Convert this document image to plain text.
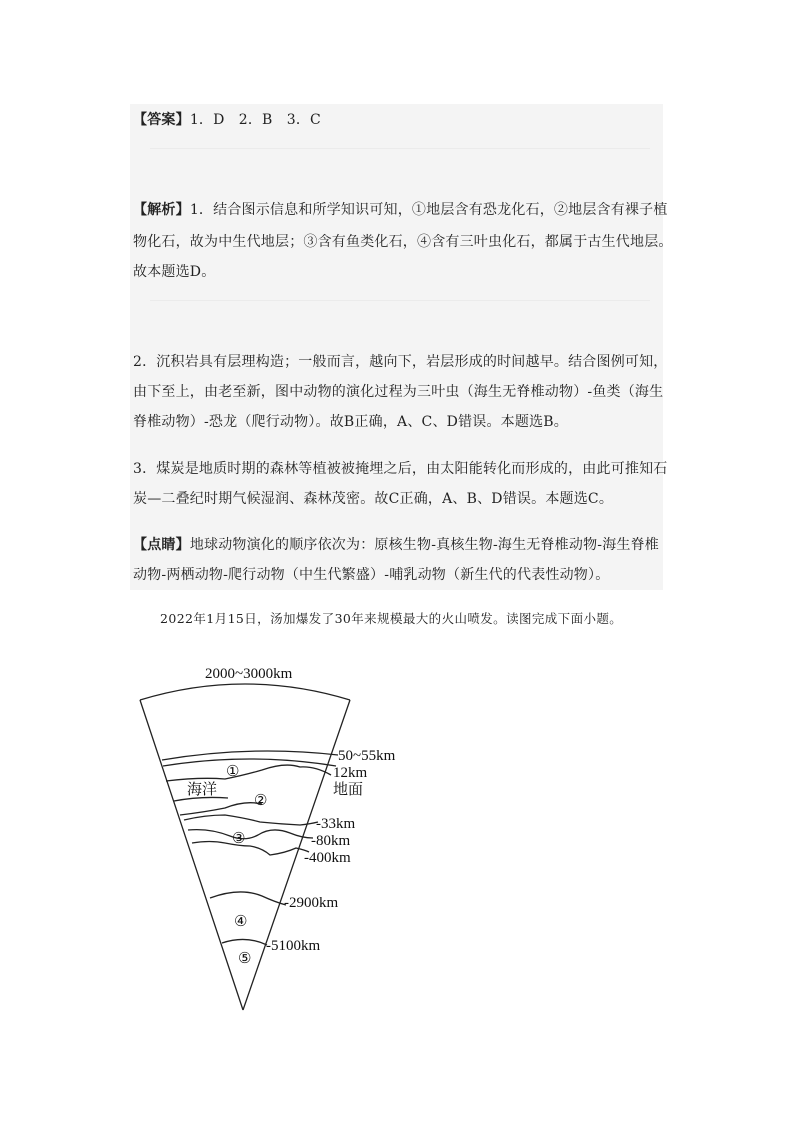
【答案】1．D　2．B　3．C
【解析】1．结合图示信息和所学知识可知，①地层含有恐龙化石，②地层含有裸子植
物化石，故为中生代地层；③含有鱼类化石，④含有三叶虫化石，都属于古生代地层。
故本题选D。
2．沉积岩具有层理构造；一般而言，越向下，岩层形成的时间越早。结合图例可知，
由下至上，由老至新，图中动物的演化过程为三叶虫（海生无脊椎动物）-鱼类（海生
脊椎动物）-恐龙（爬行动物）。故B正确，A、C、D错误。本题选B。
3．煤炭是地质时期的森林等植被被掩埋之后，由太阳能转化而形成的，由此可推知石
炭—二叠纪时期气候湿润、森林茂密。故C正确，A、B、D错误。本题选C。
【点睛】地球动物演化的顺序依次为：原核生物-真核生物-海生无脊椎动物-海生脊椎
动物-两栖动物-爬行动物（中生代繁盛）-哺乳动物（新生代的代表性动物）。
2022年1月15日，汤加爆发了30年来规模最大的火山喷发。读图完成下面小题。
2000~3000km
①
②
③
④
⑤
海洋
50~55km
12km
地面
-33km
-80km
-400km
-2900km
-5100km
